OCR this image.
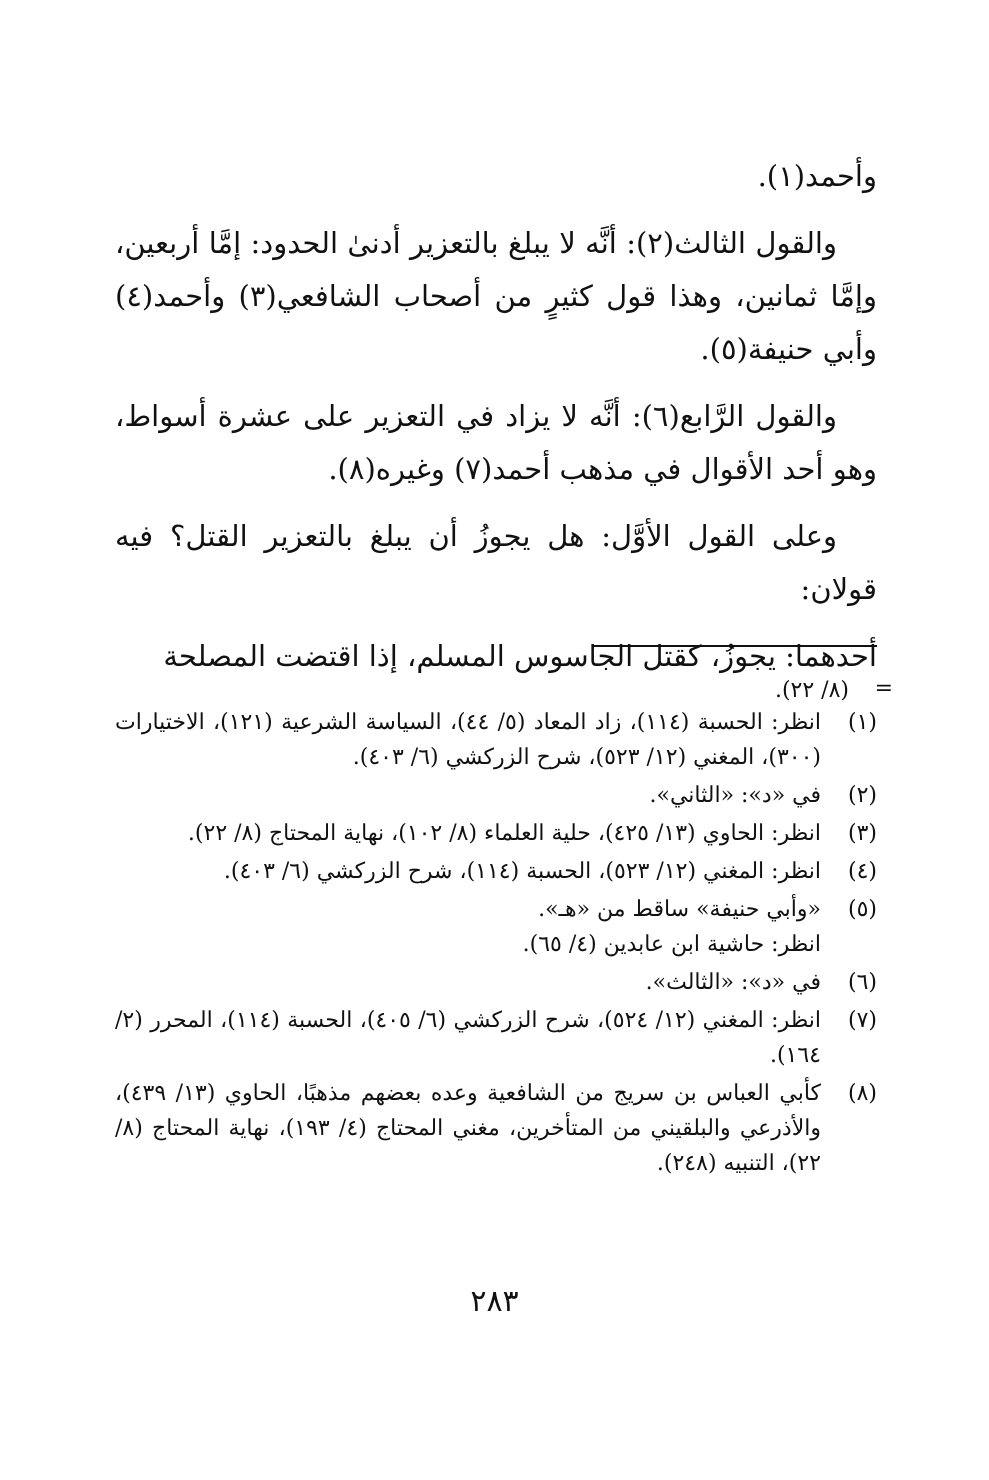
وأحمد(١).

والقول الثالث(٢): أنَّه لا يبلغ بالتعزير أدنىٰ الحدود: إمَّا أربعين، وإمَّا ثمانين، وهذا قول كثيرٍ من أصحاب الشافعي(٣) وأحمد(٤) وأبي حنيفة(٥).

والقول الرَّابع(٦): أنَّه لا يزاد في التعزير على عشرة أسواط، وهو أحد الأقوال في مذهب أحمد(٧) وغيره(٨).

وعلى القول الأوَّل: هل يجوزُ أن يبلغ بالتعزير القتل؟ فيه قولان:

أحدهما: يجوزُ، كقتل الجاسوس المسلم، إذا اقتضت المصلحة

=
(٨/ ٢٢).
(١)
انظر: الحسبة (١١٤)، زاد المعاد (٥/ ٤٤)، السياسة الشرعية (١٢١)، الاختيارات (٣٠٠)، المغني (١٢/ ٥٢٣)، شرح الزركشي (٦/ ٤٠٣).
(٢)
في «د»: «الثاني».
(٣)
انظر: الحاوي (١٣/ ٤٢٥)، حلية العلماء (٨/ ١٠٢)، نهاية المحتاج (٨/ ٢٢).
(٤)
انظر: المغني (١٢/ ٥٢٣)، الحسبة (١١٤)، شرح الزركشي (٦/ ٤٠٣).
(٥)
«وأبي حنيفة» ساقط من «هـ».
انظر: حاشية ابن عابدين (٤/ ٦٥).
(٦)
في «د»: «الثالث».
(٧)
انظر: المغني (١٢/ ٥٢٤)، شرح الزركشي (٦/ ٤٠٥)، الحسبة (١١٤)، المحرر (٢/ ١٦٤).
(٨)
كأبي العباس بن سريج من الشافعية وعده بعضهم مذهبًا، الحاوي (١٣/ ٤٣٩)، والأذرعي والبلقيني من المتأخرين، مغني المحتاج (٤/ ١٩٣)، نهاية المحتاج (٨/ ٢٢)، التنبيه (٢٤٨).
٢٨٣
